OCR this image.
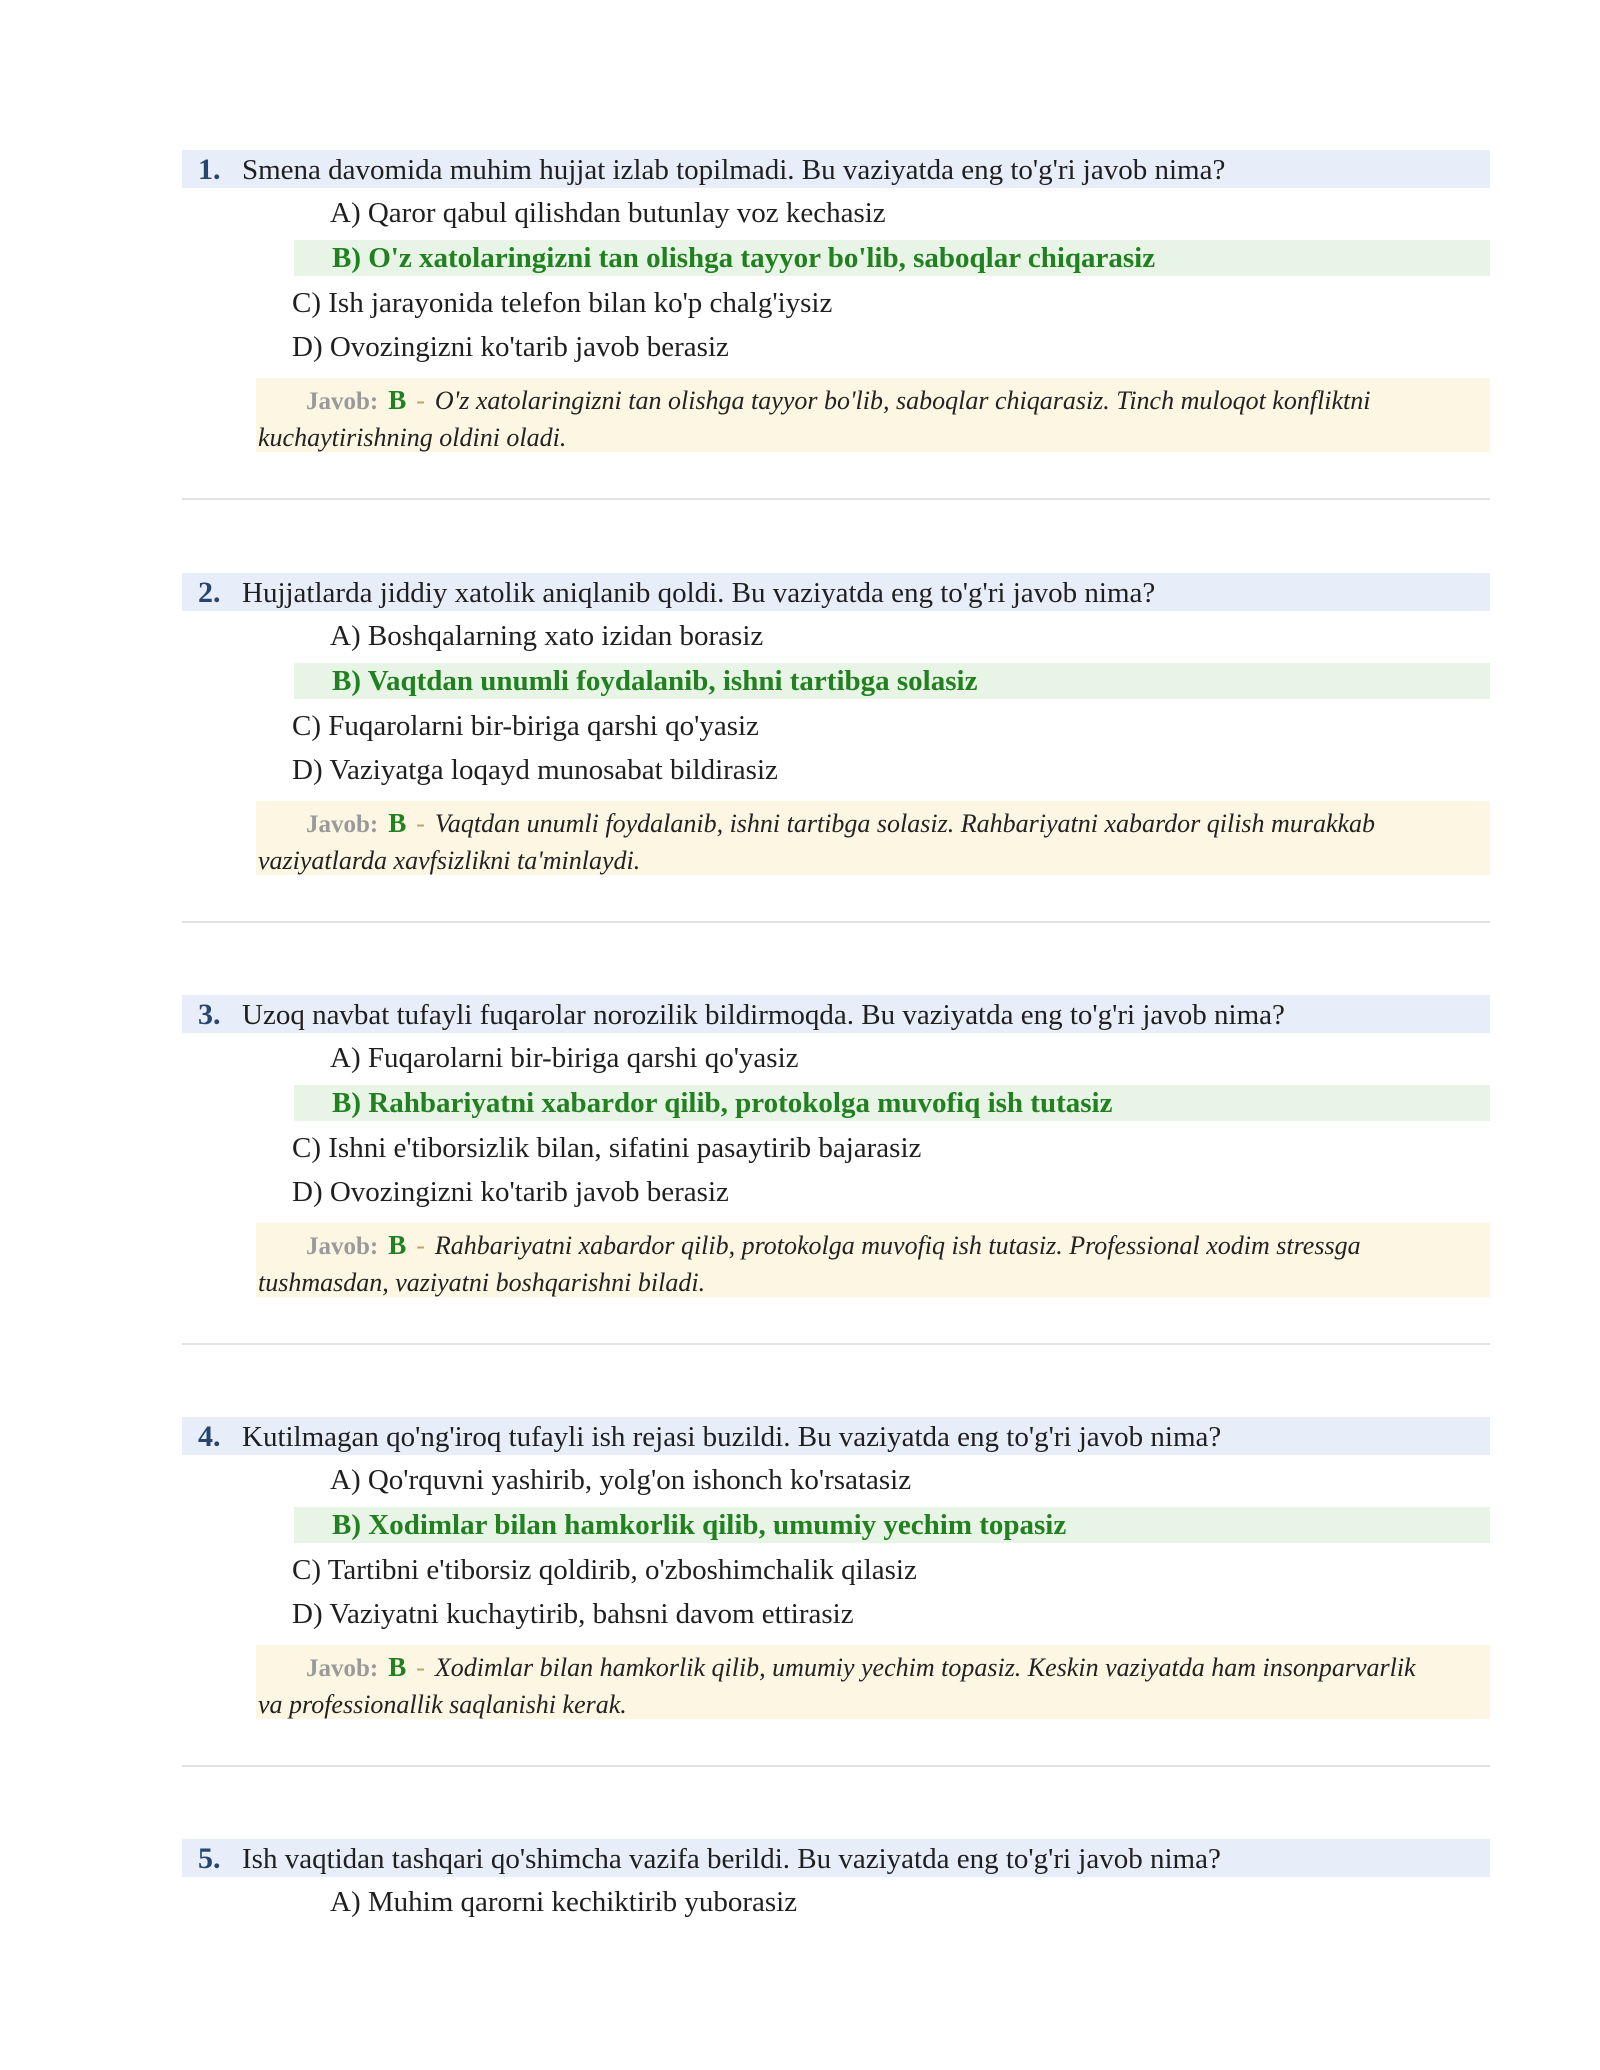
1. Smena davomida muhim hujjat izlab topilmadi. Bu vaziyatda eng to'g'ri javob nima?
A) Qaror qabul qilishdan butunlay voz kechasiz
B) O'z xatolaringizni tan olishga tayyor bo'lib, saboqlar chiqarasiz
C) Ish jarayonida telefon bilan ko'p chalg'iysiz
D) Ovozingizni ko'tarib javob berasiz
Javob: B - O'z xatolaringizni tan olishga tayyor bo'lib, saboqlar chiqarasiz. Tinch muloqot konfliktni kuchaytirishning oldini oladi.
2. Hujjatlarda jiddiy xatolik aniqlanib qoldi. Bu vaziyatda eng to'g'ri javob nima?
A) Boshqalarning xato izidan borasiz
B) Vaqtdan unumli foydalanib, ishni tartibga solasiz
C) Fuqarolarni bir-biriga qarshi qo'yasiz
D) Vaziyatga loqayd munosabat bildirasiz
Javob: B - Vaqtdan unumli foydalanib, ishni tartibga solasiz. Rahbariyatni xabardor qilish murakkab vaziyatlarda xavfsizlikni ta'minlaydi.
3. Uzoq navbat tufayli fuqarolar norozilik bildirmoqda. Bu vaziyatda eng to'g'ri javob nima?
A) Fuqarolarni bir-biriga qarshi qo'yasiz
B) Rahbariyatni xabardor qilib, protokolga muvofiq ish tutasiz
C) Ishni e'tiborsizlik bilan, sifatini pasaytirib bajarasiz
D) Ovozingizni ko'tarib javob berasiz
Javob: B - Rahbariyatni xabardor qilib, protokolga muvofiq ish tutasiz. Professional xodim stressga tushmasdan, vaziyatni boshqarishni biladi.
4. Kutilmagan qo'ng'iroq tufayli ish rejasi buzildi. Bu vaziyatda eng to'g'ri javob nima?
A) Qo'rquvni yashirib, yolg'on ishonch ko'rsatasiz
B) Xodimlar bilan hamkorlik qilib, umumiy yechim topasiz
C) Tartibni e'tiborsiz qoldirib, o'zboshimchalik qilasiz
D) Vaziyatni kuchaytirib, bahsni davom ettirasiz
Javob: B - Xodimlar bilan hamkorlik qilib, umumiy yechim topasiz. Keskin vaziyatda ham insonparvarlik va professionallik saqlanishi kerak.
5. Ish vaqtidan tashqari qo'shimcha vazifa berildi. Bu vaziyatda eng to'g'ri javob nima?
A) Muhim qarorni kechiktirib yuborasiz
